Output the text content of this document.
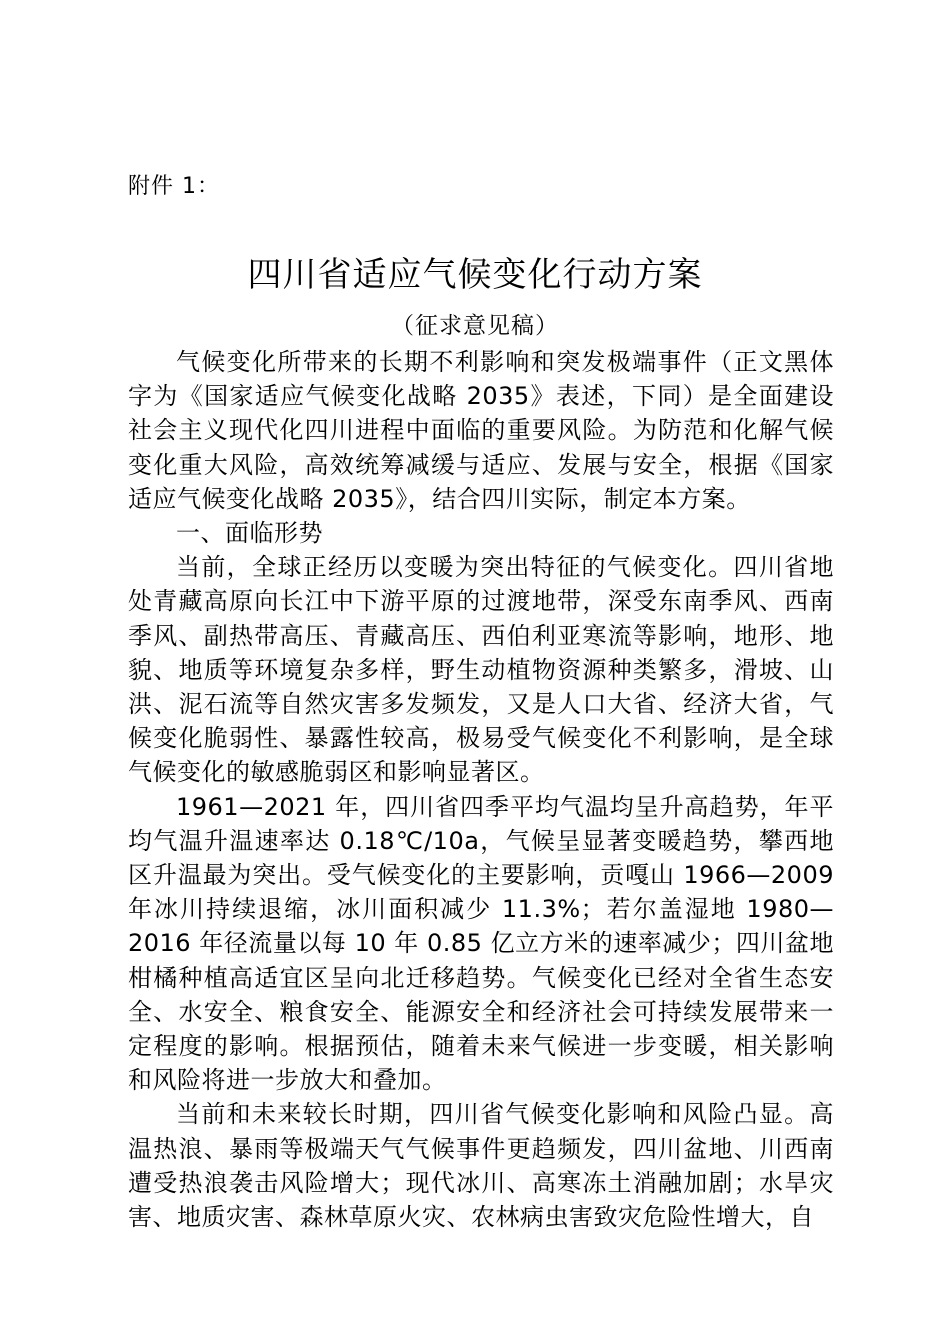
附件 1：
四川省适应气候变化行动方案
（征求意见稿）

气候变化所带来的长期不利影响和突发极端事件（正文黑体字为《国家适应气候变化战略 2035》表述，下同）是全面建设社会主义现代化四川进程中面临的重要风险。为防范和化解气候变化重大风险，高效统筹减缓与适应、发展与安全，根据《国家适应气候变化战略 2035》，结合四川实际，制定本方案。

一、面临形势

当前，全球正经历以变暖为突出特征的气候变化。四川省地处青藏高原向长江中下游平原的过渡地带，深受东南季风、西南季风、副热带高压、青藏高压、西伯利亚寒流等影响，地形、地貌、地质等环境复杂多样，野生动植物资源种类繁多，滑坡、山洪、泥石流等自然灾害多发频发，又是人口大省、经济大省，气候变化脆弱性、暴露性较高，极易受气候变化不利影响，是全球气候变化的敏感脆弱区和影响显著区。

1961—2021 年，四川省四季平均气温均呈升高趋势，年平均气温升温速率达 0.18℃/10a，气候呈显著变暖趋势，攀西地区升温最为突出。受气候变化的主要影响，贡嘎山 1966—2009 年冰川持续退缩，冰川面积减少 11.3%；若尔盖湿地 1980—2016 年径流量以每 10 年 0.85 亿立方米的速率减少；四川盆地柑橘种植高适宜区呈向北迁移趋势。气候变化已经对全省生态安全、水安全、粮食安全、能源安全和经济社会可持续发展带来一定程度的影响。根据预估，随着未来气候进一步变暖，相关影响和风险将进一步放大和叠加。

当前和未来较长时期，四川省气候变化影响和风险凸显。高温热浪、暴雨等极端天气气候事件更趋频发，四川盆地、川西南遭受热浪袭击风险增大；现代冰川、高寒冻土消融加剧；水旱灾害、地质灾害、森林草原火灾、农林病虫害致灾危险性增大，自
